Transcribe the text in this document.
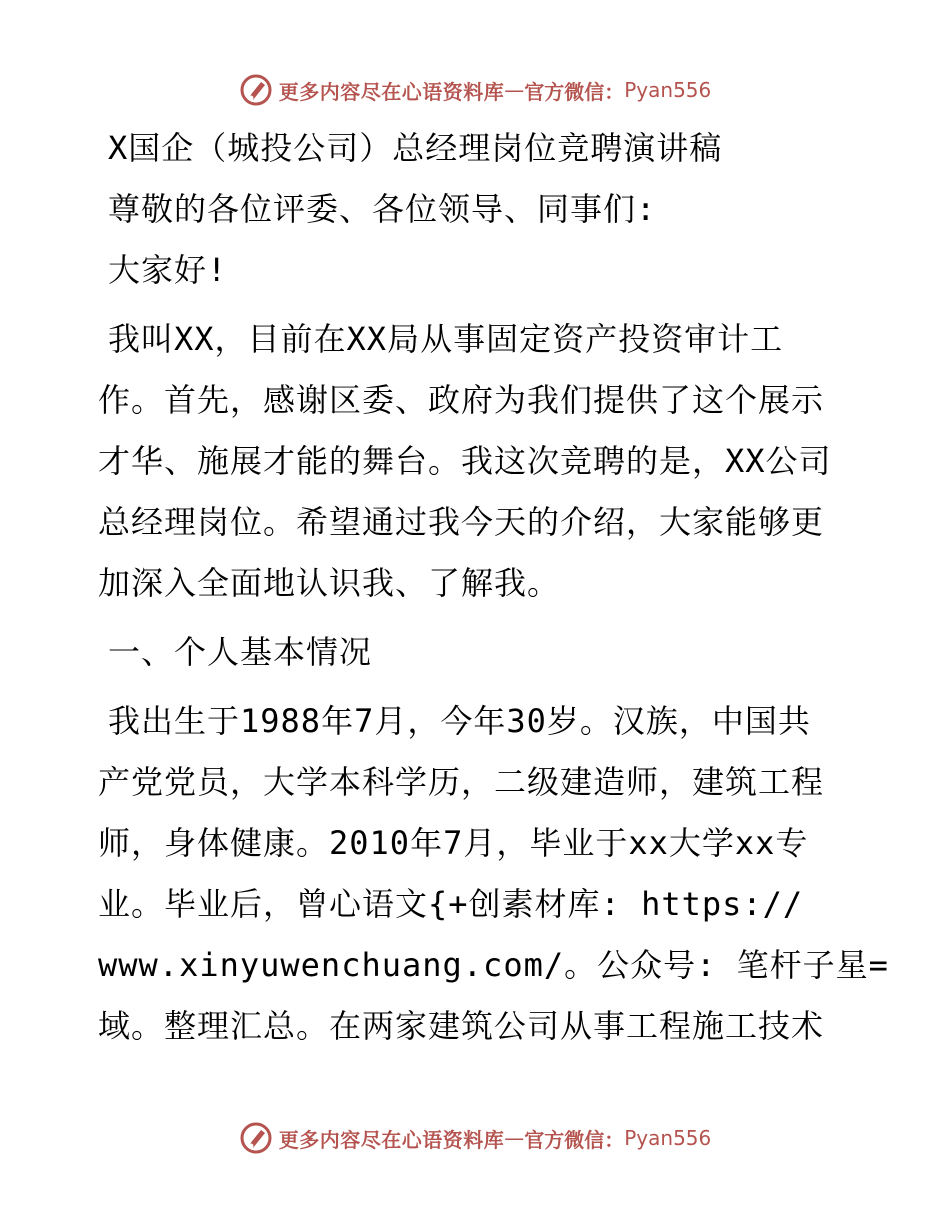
更多内容尽在心语资料库 — 官方微信： Pyan556
X国企（城投公司）总经理岗位竞聘演讲稿
尊敬的各位评委、各位领导、同事们:
大家好!
我叫XX，目前在XX局从事固定资产投资审计工
作。首先，感谢区委、政府为我们提供了这个展示
才华、施展才能的舞台。我这次竞聘的是，XX公司
总经理岗位。希望通过我今天的介绍，大家能够更
加深入全面地认识我、了解我。
一、个人基本情况
我出生于1988年7月，今年30岁。汉族，中国共
产党党员，大学本科学历，二级建造师，建筑工程
师，身体健康。2010年7月，毕业于xx大学xx专
业。毕业后，曾心语文{+创素材库: https://
www.xinyuwenchuang.com/。公众号: 笔杆子星=
域。整理汇总。在两家建筑公司从事工程施工技术
更多内容尽在心语资料库 — 官方微信： Pyan556
